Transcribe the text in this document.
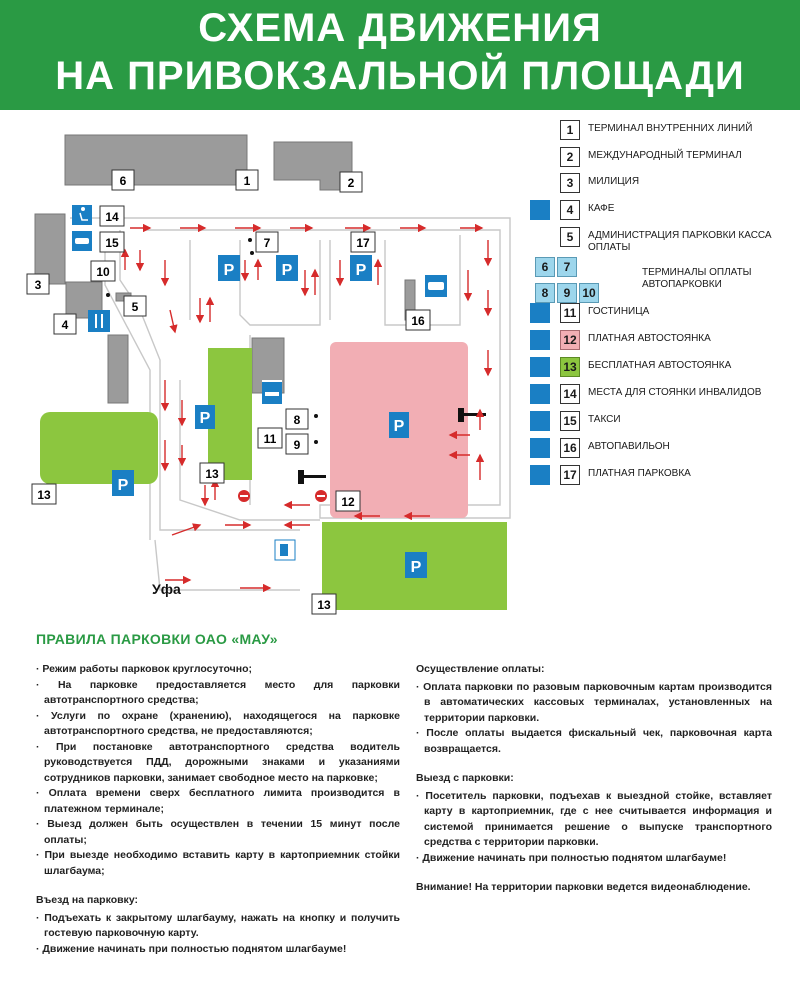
СХЕМА ДВИЖЕНИЯ
НА ПРИВОКЗАЛЬНОЙ ПЛОЩАДИ
P
P
P
P
P	P	P
1	2
3
4
5
6
7
8
9
10
11
12
13
13
13
14
15
16
17
Уфа
1	ТЕРМИНАЛ ВНУТРЕННИХ ЛИНИЙ
2	МЕЖДУНАРОДНЫЙ ТЕРМИНАЛ
3	МИЛИЦИЯ
4	КАФЕ
5	АДМИНИСТРАЦИЯ ПАРКОВКИ КАССА ОПЛАТЫ
6	7
8	9 10
ТЕРМИНАЛЫ ОПЛАТЫ АВТОПАРКОВКИ
11	ГОСТИНИЦА
12	ПЛАТНАЯ АВТОСТОЯНКА
13	БЕСПЛАТНАЯ АВТОСТОЯНКА
14	МЕСТА ДЛЯ СТОЯНКИ ИНВАЛИДОВ
15	ТАКСИ
16	АВТОПАВИЛЬОН
17	ПЛАТНАЯ ПАРКОВКА
ПРАВИЛА ПАРКОВКИ ОАО «МАУ»
· Режим работы парковок круглосуточно;
· На парковке предоставляется место для парковки автотранспортного средства;
· Услуги по охране (хранению), находящегося на парковке автотранспортного средства, не предоставляются;
· При постановке автотранспортного средства водитель руководствуется ПДД, дорожными знаками и указаниями сотрудников парковки, занимает свободное место на парковке;
· Оплата времени сверх бесплатного лимита производится в платежном терминале;
· Выезд должен быть осуществлен в течении 15 минут после оплаты;
· При выезде необходимо вставить карту в картоприемник стойки шлагбаума;
Въезд на парковку:
· Подъехать к закрытому шлагбауму, нажать на кнопку и получить гостевую парковочную карту.
· Движение начинать при полностью поднятом шлагбауме!
Осуществление оплаты:
· Оплата парковки по разовым парковочным картам производится в автоматических кассовых терминалах, установленных на территории парковки.
· После оплаты выдается фискальный чек, парковочная карта возвращается.
Выезд с парковки:
· Посетитель парковки, подъехав к выездной стойке, вставляет карту в картоприемник, где с нее считывается информация и системой принимается решение о выпуске транспортного средства с территории парковки.
· Движение начинать при полностью поднятом шлагбауме!
Внимание! На территории парковки ведется видеонаблюдение.
